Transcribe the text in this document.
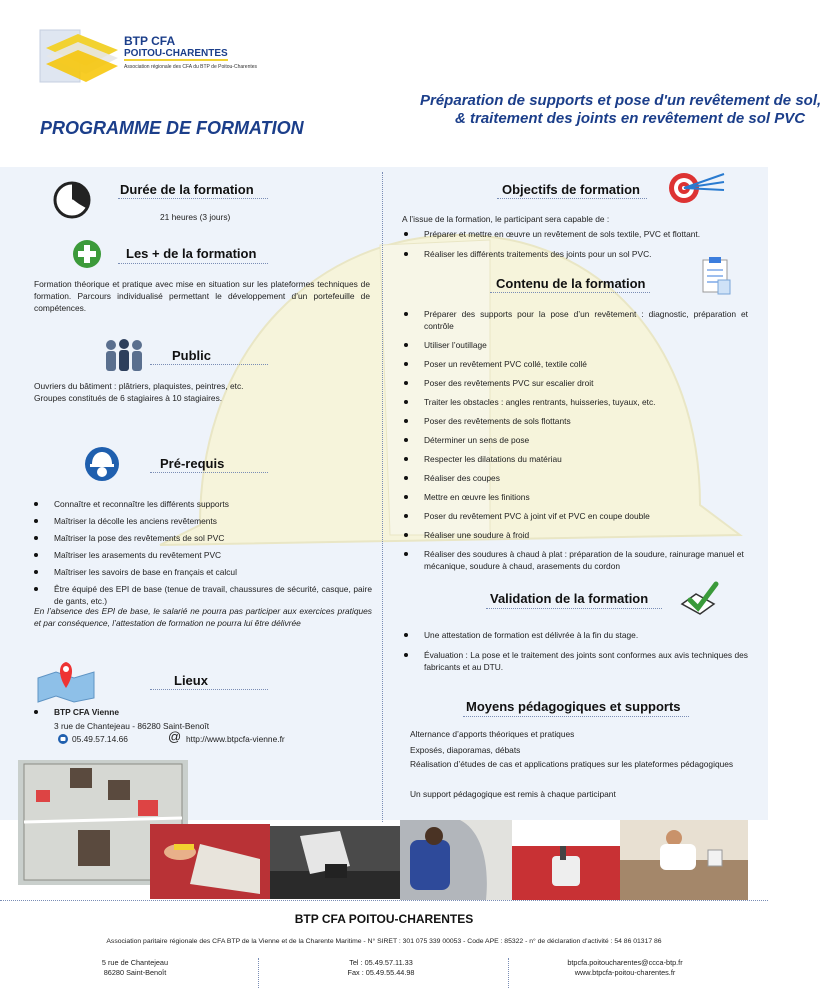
BTP CFA
POITOU-CHARENTES
Association régionale des CFA du BTP de Poitou-Charentes
Préparation de supports et pose d'un revêtement de sol,
& traitement des joints en revêtement de sol PVC
PROGRAMME DE FORMATION
Durée de la formation
21 heures (3 jours)
Les + de la formation
Formation théorique et pratique avec mise en situation sur les plateformes techniques de formation. Parcours individualisé permettant le développement d’un portefeuille de compétences.
Public
Ouvriers du bâtiment : plâtriers, plaquistes, peintres, etc.
Groupes constitués de 6 stagiaires à 10 stagiaires.
Pré-requis
Connaître et reconnaître les différents supports
Maîtriser la décolle les anciens revêtements
Maîtriser la pose des revêtements de sol PVC
Maîtriser les arasements du revêtement PVC
Maîtriser les savoirs de base en français et calcul
Être équipé des EPI de base (tenue de travail, chaussures de sécurité, casque, paire de gants, etc.)
En l’absence des EPI de base, le salarié ne pourra pas participer aux exercices pratiques et par conséquence, l’attestation de formation ne pourra lui être délivrée
Lieux
BTP CFA Vienne
3 rue de Chantejeau - 86280 Saint-Benoît
05.49.57.14.66	@ http://www.btpcfa-vienne.fr
Objectifs de formation
A l’issue de la formation, le participant sera capable de :
Préparer et mettre en œuvre un revêtement de sols textile, PVC et flottant.
Réaliser les différents traitements des joints pour un sol PVC.
Contenu de la formation
Préparer des supports pour la pose d’un revêtement : diagnostic, préparation et contrôle
Utiliser l’outillage
Poser un revêtement PVC collé, textile collé
Poser des revêtements PVC sur escalier droit
Traiter les obstacles : angles rentrants, huisseries, tuyaux, etc.
Poser des revêtements de sols flottants
Déterminer un sens de pose
Respecter les dilatations du matériau
Réaliser des coupes
Mettre en œuvre les finitions
Poser du revêtement PVC à joint vif et PVC en coupe double
Réaliser une soudure à froid
Réaliser des soudures à chaud à plat : préparation de la soudure, rainurage manuel et mécanique, soudure à chaud, arasements du cordon
Validation de la formation
Une attestation de formation est délivrée à la fin du stage.
Évaluation : La pose et le traitement des joints sont conformes aux avis techniques des fabricants et au DTU.
Moyens pédagogiques et supports
Alternance d’apports théoriques et pratiques
Exposés, diaporamas, débats
Réalisation d’études de cas et applications pratiques sur les plateformes pédagogiques
Un support pédagogique est remis à chaque participant
BTP CFA POITOU-CHARENTES
Association paritaire régionale des CFA BTP de la Vienne et de la Charente Maritime - N° SIRET : 301 075 339 00053 - Code APE : 85322 - n° de déclaration d’activité : 54 86 01317 86
5 rue de Chantejeau
86280 Saint-Benoît
Tel : 05.49.57.11.33
Fax : 05.49.55.44.98
btpcfa.poitoucharentes@ccca-btp.fr
www.btpcfa-poitou-charentes.fr
